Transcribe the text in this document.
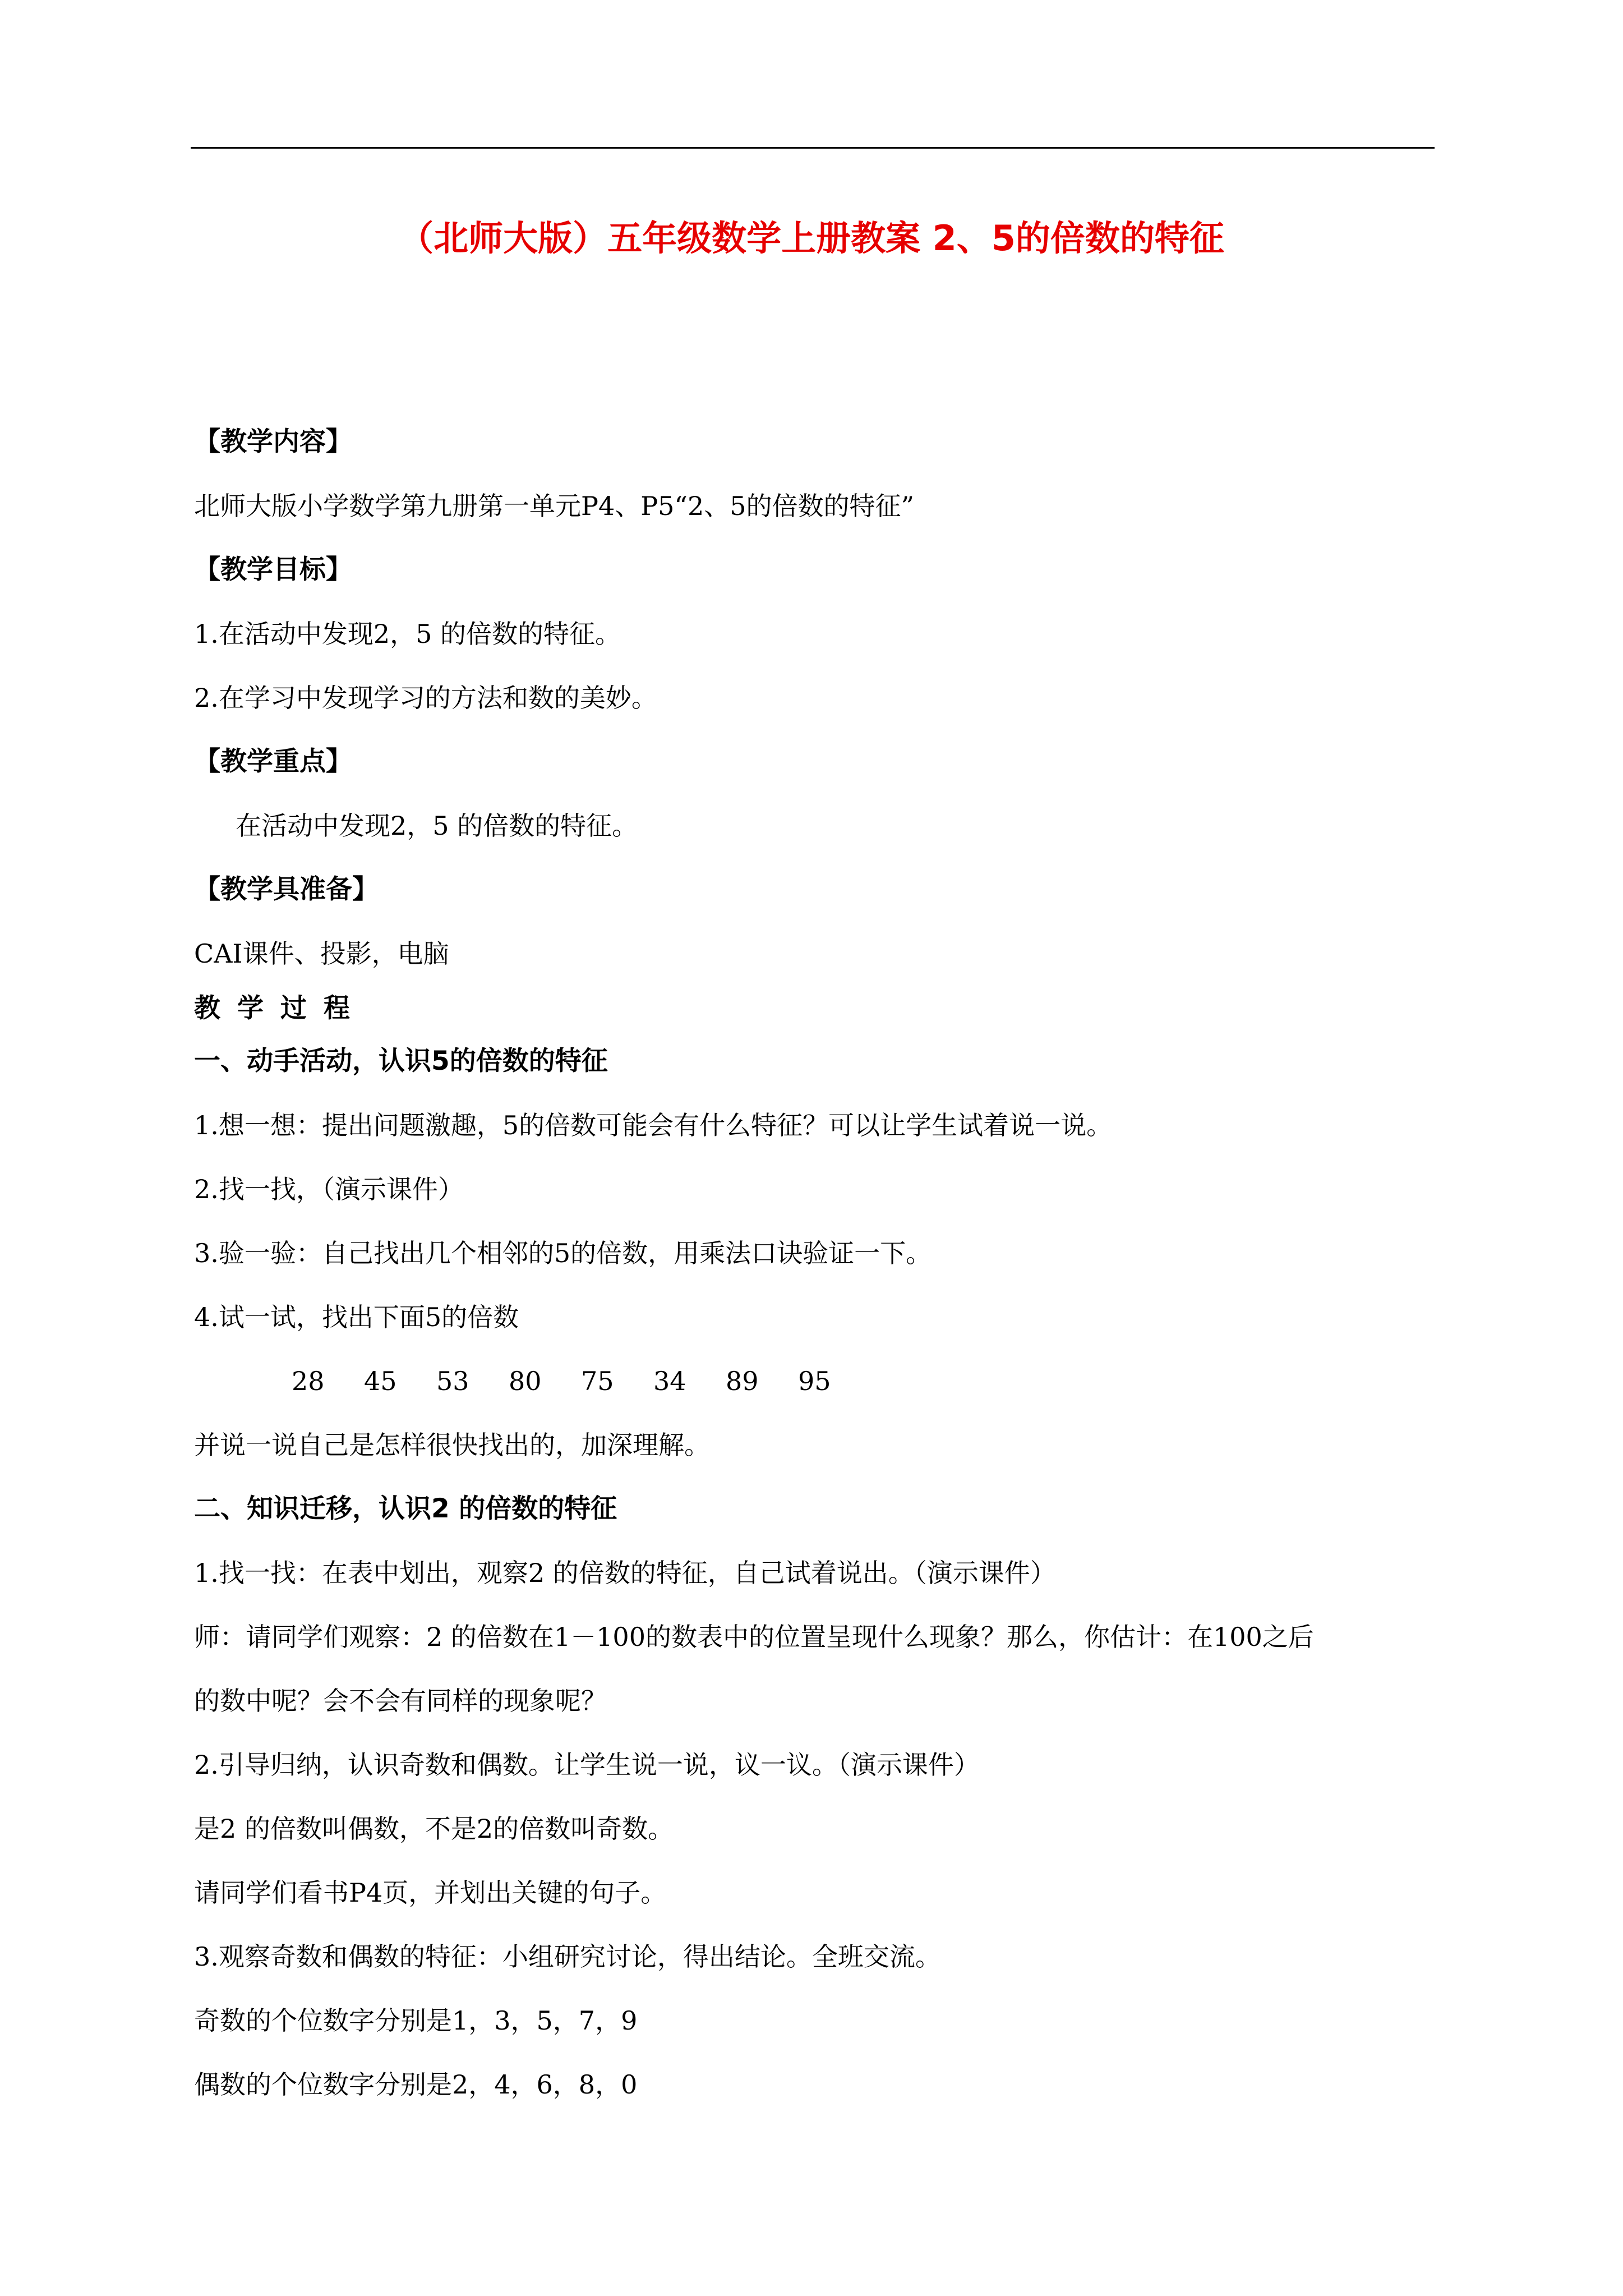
（北师大版）五年级数学上册教案 2、5的倍数的特征
【教学内容】
北师大版小学数学第九册第一单元P4、P5“2、5的倍数的特征”
【教学目标】
1.在活动中发现2，5 的倍数的特征。
2.在学习中发现学习的方法和数的美妙。
【教学重点】
在活动中发现2，5 的倍数的特征。
【教学具准备】
CAI课件、投影，电脑
教学过程
一、动手活动，认识5的倍数的特征
1.想一想：提出问题激趣，5的倍数可能会有什么特征？可以让学生试着说一说。
2.找一找，（演示课件）
3.验一验：自己找出几个相邻的5的倍数，用乘法口诀验证一下。
4.试一试，找出下面5的倍数
28 45 53 80 75 34 89 95
并说一说自己是怎样很快找出的，加深理解。
二、知识迁移，认识2 的倍数的特征
1.找一找：在表中划出，观察2 的倍数的特征，自己试着说出。（演示课件）
师：请同学们观察：2 的倍数在1－100的数表中的位置呈现什么现象？那么，你估计：在100之后
的数中呢？会不会有同样的现象呢？
2.引导归纳，认识奇数和偶数。让学生说一说，议一议。（演示课件）
是2 的倍数叫偶数，不是2的倍数叫奇数。
请同学们看书P4页，并划出关键的句子。
3.观察奇数和偶数的特征：小组研究讨论，得出结论。全班交流。
奇数的个位数字分别是1，3，5，7，9
偶数的个位数字分别是2，4，6，8，0
